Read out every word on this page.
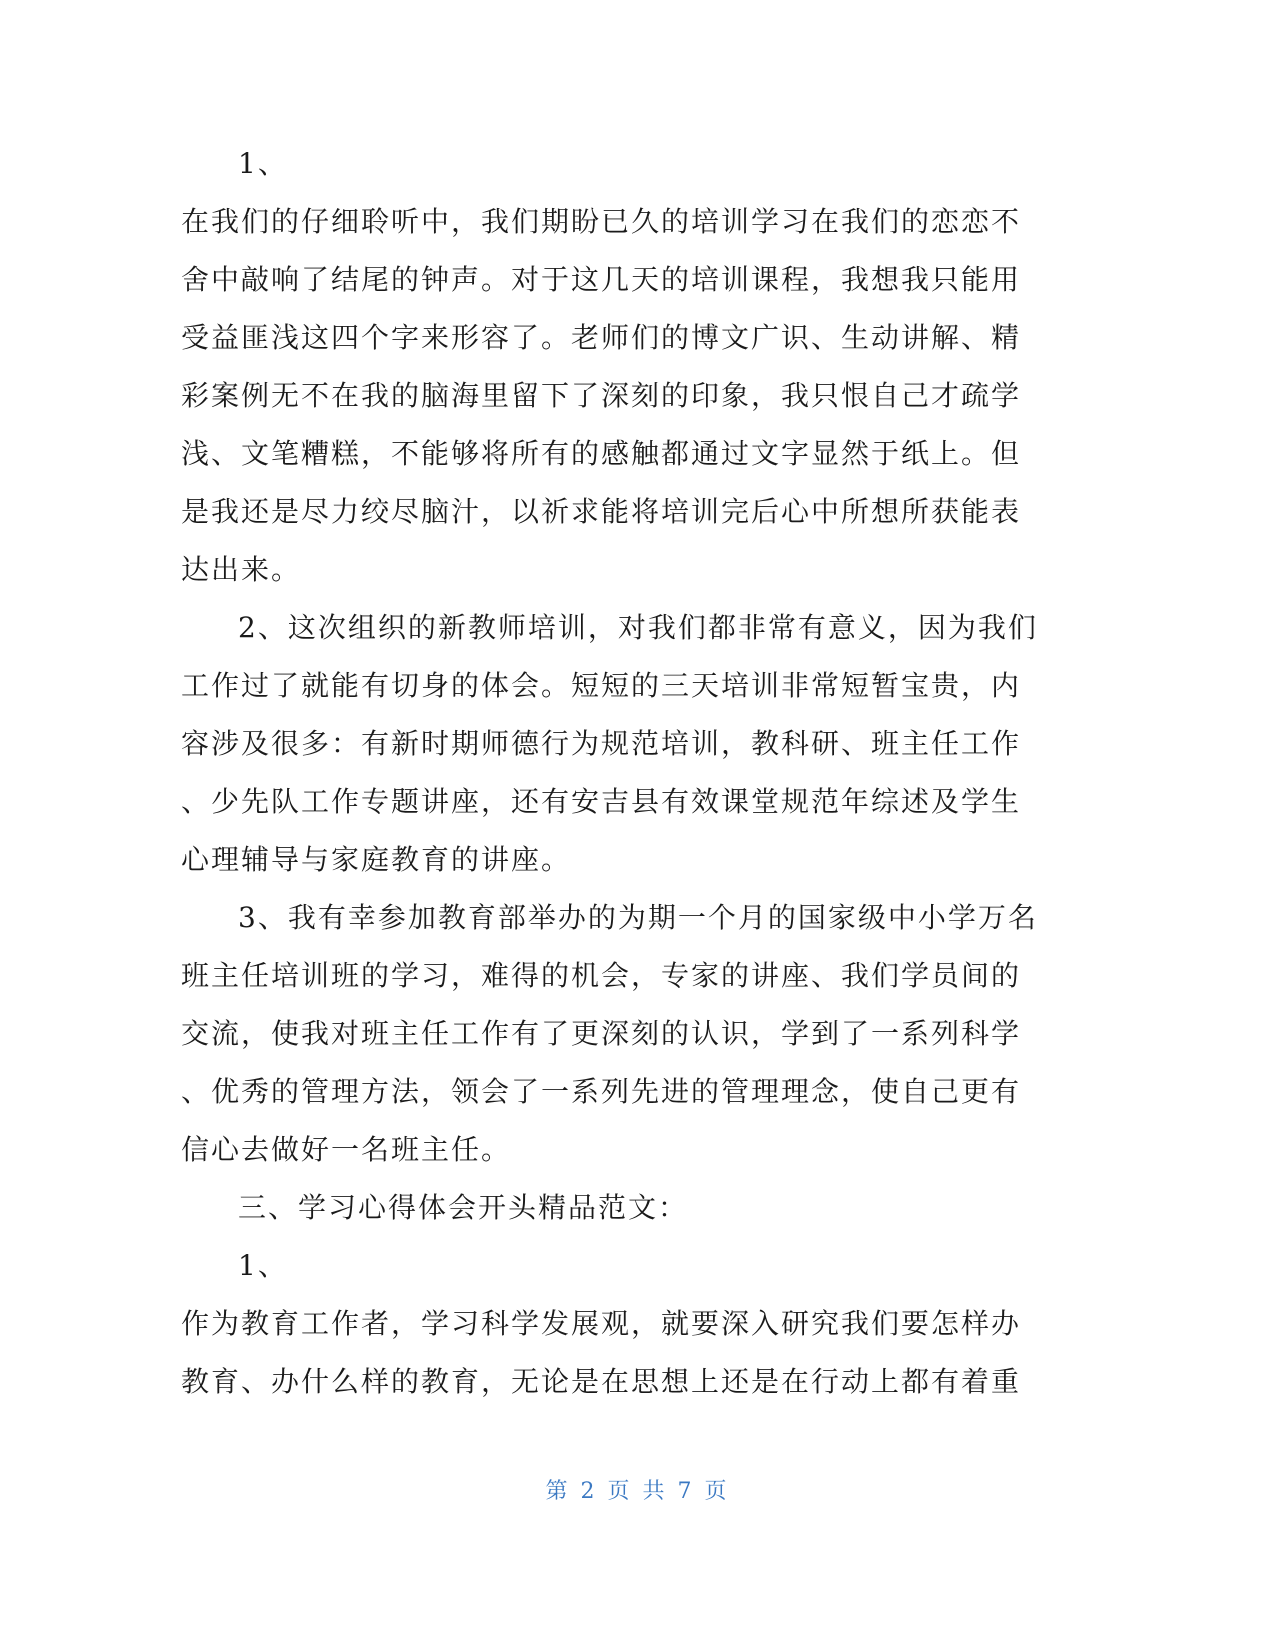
1、
在我们的仔细聆听中，我们期盼已久的培训学习在我们的恋恋不
舍中敲响了结尾的钟声。对于这几天的培训课程，我想我只能用
受益匪浅这四个字来形容了。老师们的博文广识、生动讲解、精
彩案例无不在我的脑海里留下了深刻的印象，我只恨自己才疏学
浅、文笔糟糕，不能够将所有的感触都通过文字显然于纸上。但
是我还是尽力绞尽脑汁，以祈求能将培训完后心中所想所获能表
达出来。
2、这次组织的新教师培训，对我们都非常有意义，因为我们
工作过了就能有切身的体会。短短的三天培训非常短暂宝贵，内
容涉及很多：有新时期师德行为规范培训，教科研、班主任工作
、少先队工作专题讲座，还有安吉县有效课堂规范年综述及学生
心理辅导与家庭教育的讲座。
3、我有幸参加教育部举办的为期一个月的国家级中小学万名
班主任培训班的学习，难得的机会，专家的讲座、我们学员间的
交流，使我对班主任工作有了更深刻的认识，学到了一系列科学
、优秀的管理方法，领会了一系列先进的管理理念，使自己更有
信心去做好一名班主任。
三、学习心得体会开头精品范文：
1、
作为教育工作者，学习科学发展观，就要深入研究我们要怎样办
教育、办什么样的教育，无论是在思想上还是在行动上都有着重
第 2 页 共 7 页
